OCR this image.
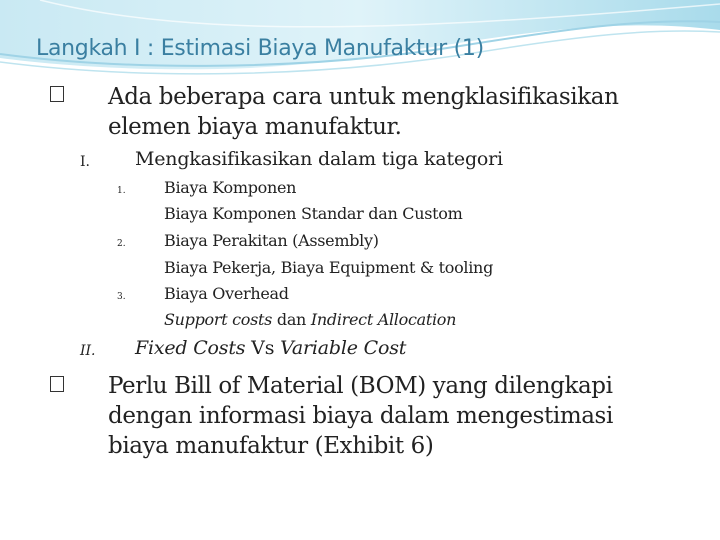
Langkah I : Estimasi Biaya Manufaktur (1)
Ada beberapa cara untuk mengklasifikasikan
elemen biaya manufaktur.
I. Mengkasifikasikan dalam tiga kategori
1. Biaya Komponen
Biaya Komponen Standar dan Custom
2. Biaya Perakitan (Assembly)
Biaya Pekerja, Biaya Equipment & tooling
3. Biaya Overhead
Support costs dan Indirect Allocation
II. Fixed Costs Vs Variable Cost
Perlu Bill of Material (BOM) yang dilengkapi
dengan informasi biaya dalam mengestimasi
biaya manufaktur (Exhibit 6)
